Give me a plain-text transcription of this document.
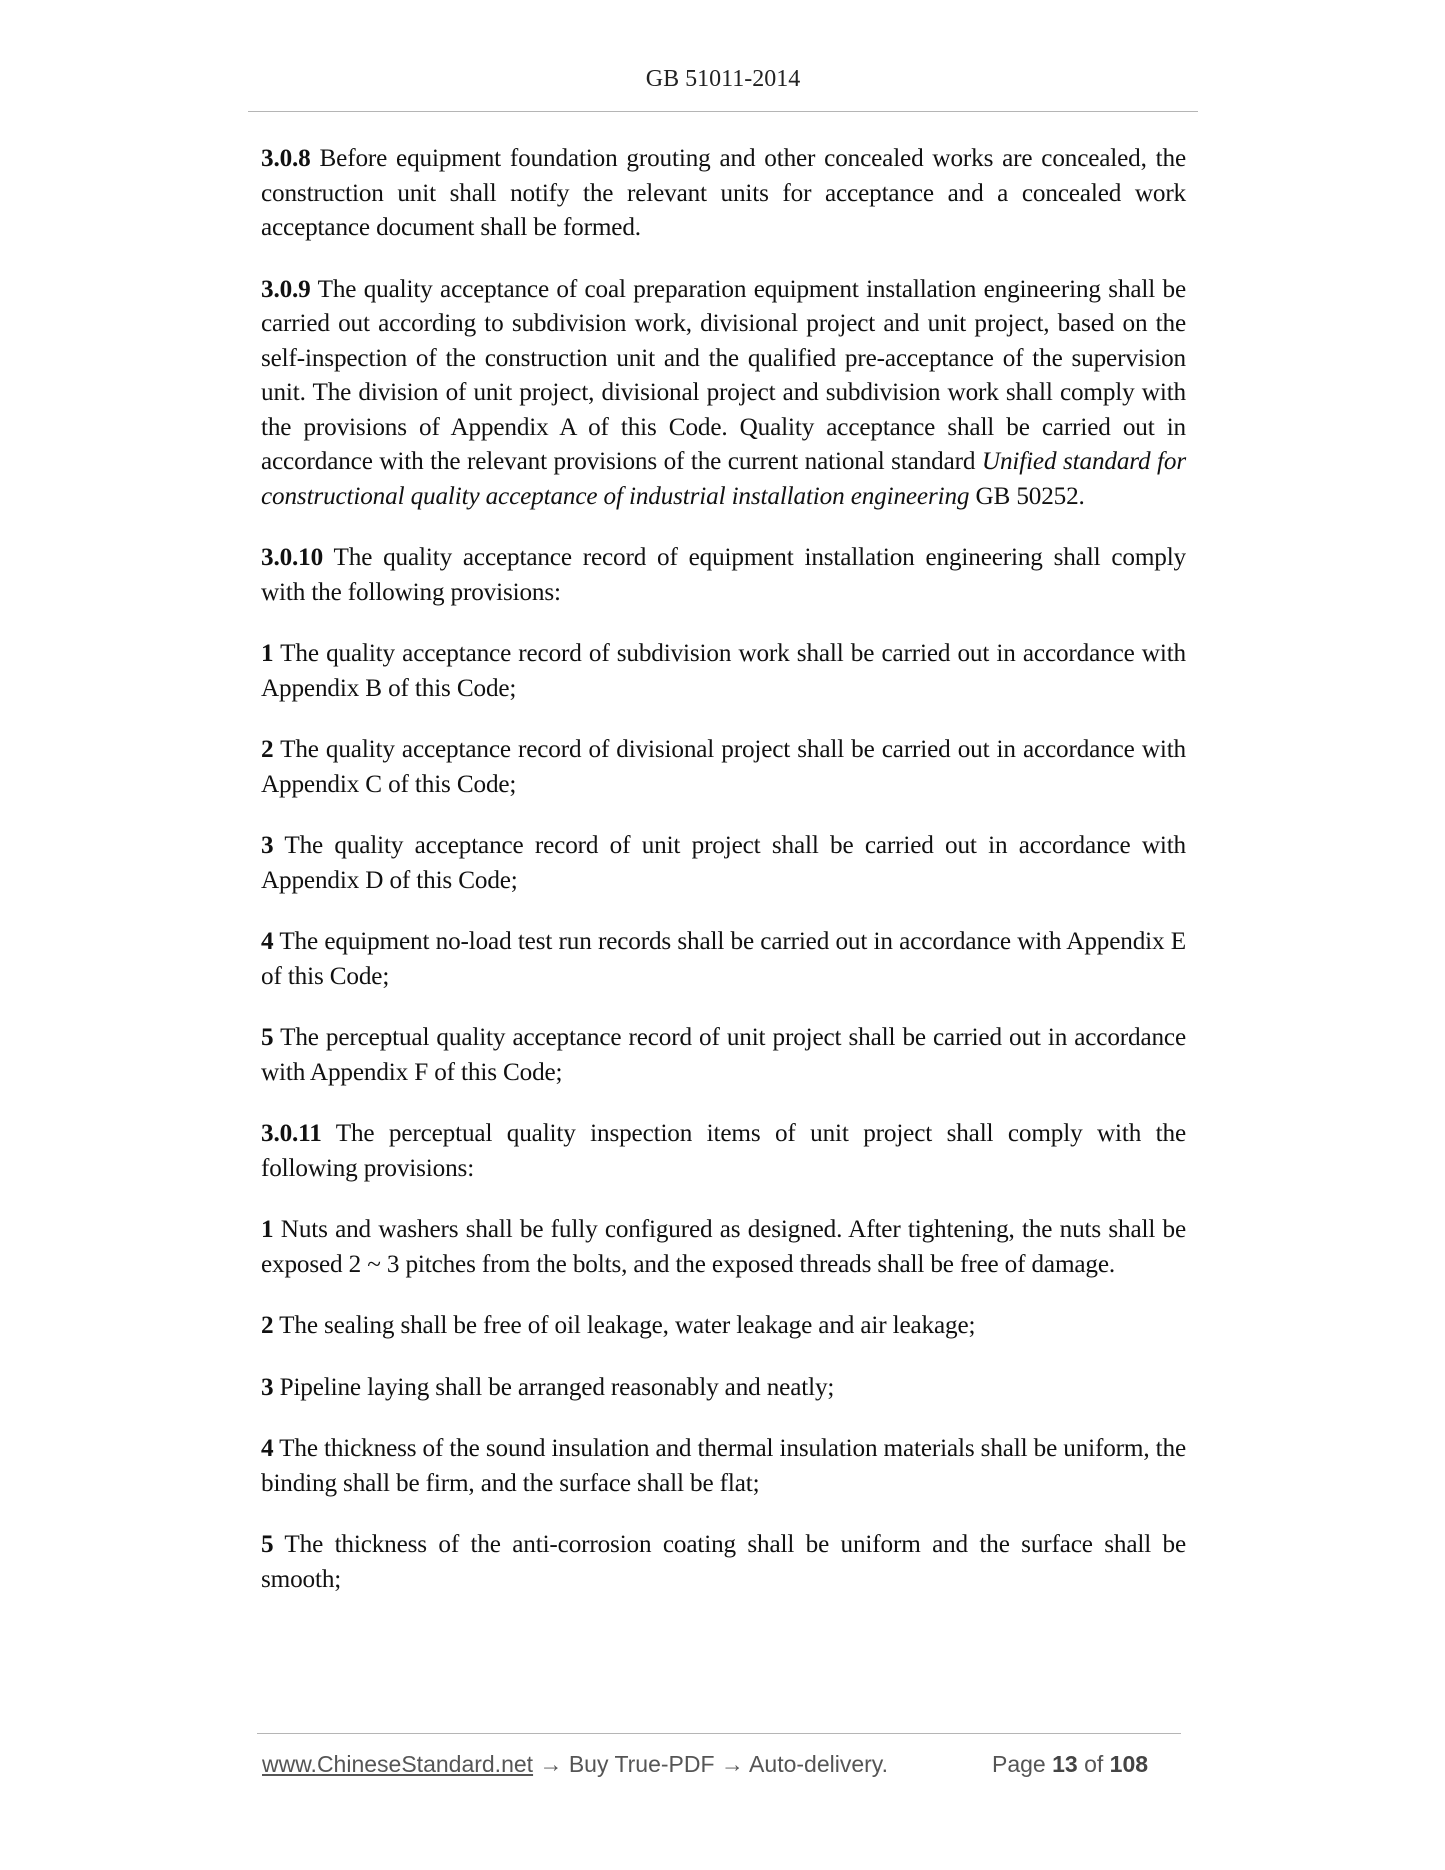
GB 51011-2014

3.0.8 Before equipment foundation grouting and other concealed works are concealed, the construction unit shall notify the relevant units for acceptance and a concealed work acceptance document shall be formed.

3.0.9 The quality acceptance of coal preparation equipment installation engineering shall be carried out according to subdivision work, divisional project and unit project, based on the self-inspection of the construction unit and the qualified pre-acceptance of the supervision unit. The division of unit project, divisional project and subdivision work shall comply with the provisions of Appendix A of this Code. Quality acceptance shall be carried out in accordance with the relevant provisions of the current national standard Unified standard for constructional quality acceptance of industrial installation engineering GB 50252.

3.0.10 The quality acceptance record of equipment installation engineering shall comply with the following provisions:

1 The quality acceptance record of subdivision work shall be carried out in accordance with Appendix B of this Code;

2 The quality acceptance record of divisional project shall be carried out in accordance with Appendix C of this Code;

3 The quality acceptance record of unit project shall be carried out in accordance with Appendix D of this Code;

4 The equipment no-load test run records shall be carried out in accordance with Appendix E of this Code;

5 The perceptual quality acceptance record of unit project shall be carried out in accordance with Appendix F of this Code;

3.0.11 The perceptual quality inspection items of unit project shall comply with the following provisions:

1 Nuts and washers shall be fully configured as designed. After tightening, the nuts shall be exposed 2 ~ 3 pitches from the bolts, and the exposed threads shall be free of damage.

2 The sealing shall be free of oil leakage, water leakage and air leakage;

3 Pipeline laying shall be arranged reasonably and neatly;

4 The thickness of the sound insulation and thermal insulation materials shall be uniform, the binding shall be firm, and the surface shall be flat;

5 The thickness of the anti-corrosion coating shall be uniform and the surface shall be smooth;

www.ChineseStandard.net → Buy True-PDF → Auto-delivery.	Page 13 of 108
